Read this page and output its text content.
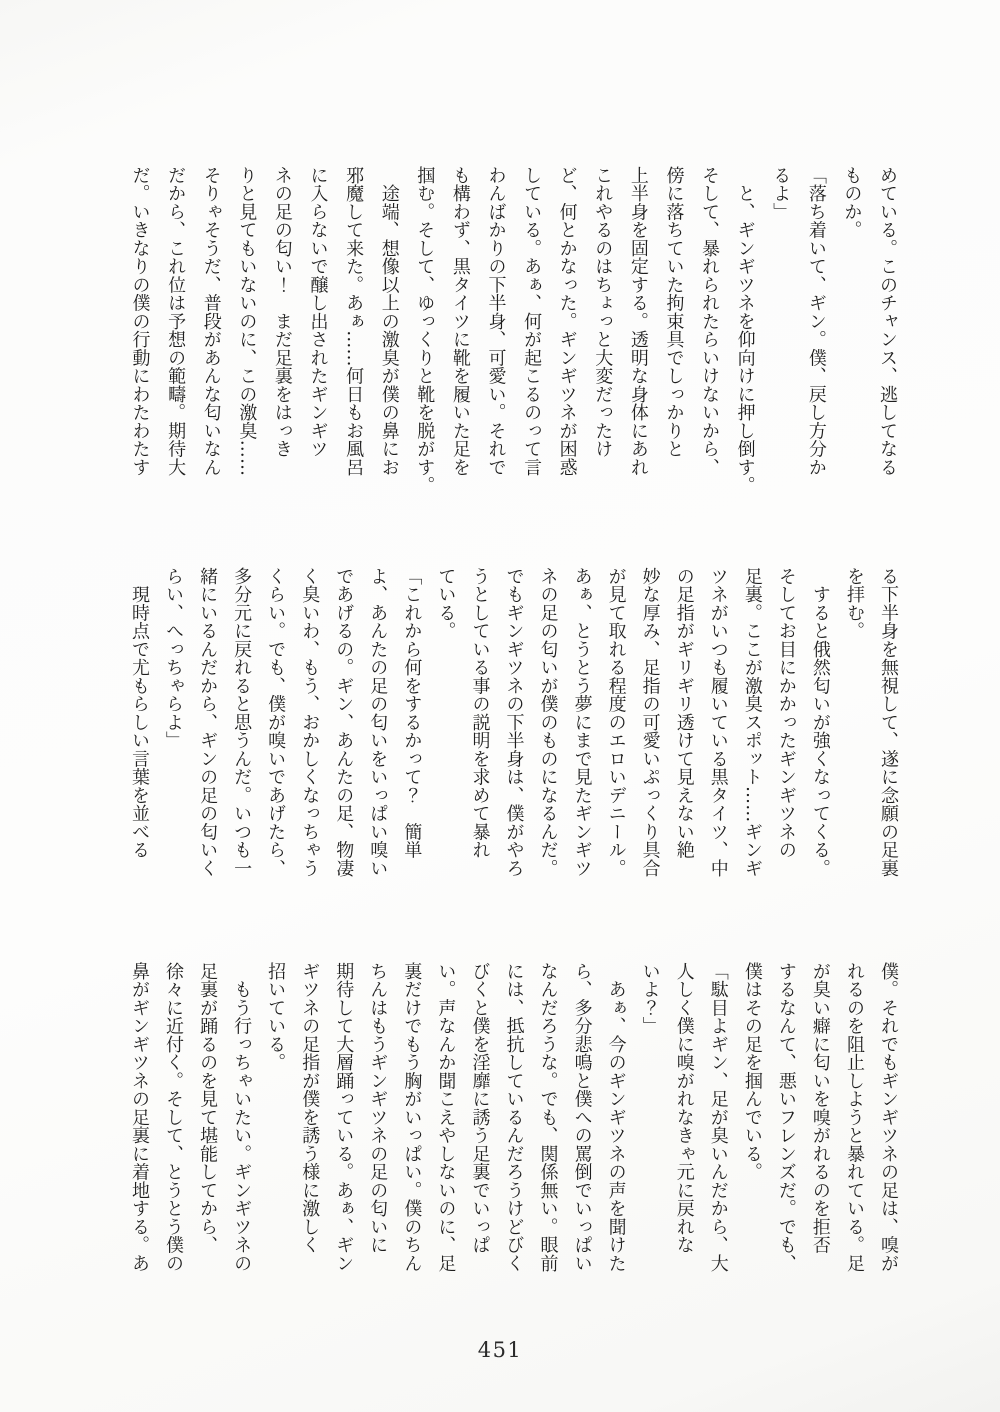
めている。このチャンス、逃してなる
ものか。
「落ち着いて、ギン。僕、戻し方分か
るよ」
　と、ギンギツネを仰向けに押し倒す。
そして、暴れられたらいけないから、
傍に落ちていた拘束具でしっかりと
上半身を固定する。透明な身体にあれ
これやるのはちょっと大変だったけ
ど、何とかなった。ギンギツネが困惑
している。あぁ、何が起こるのって言
わんばかりの下半身、可愛い。それで
も構わず、黒タイツに靴を履いた足を
掴む。そして、ゆっくりと靴を脱がす。
　途端、想像以上の激臭が僕の鼻にお
邪魔して来た。あぁ……何日もお風呂
に入らないで醸し出されたギンギツ
ネの足の匂い！　まだ足裏をはっき
りと見てもいないのに、この激臭……
そりゃそうだ、普段があんな匂いなん
だから、これ位は予想の範疇。期待大
だ。いきなりの僕の行動にわたわたす
る下半身を無視して、遂に念願の足裏
を拝む。
　すると俄然匂いが強くなってくる。
そしてお目にかかったギンギツネの
足裏。ここが激臭スポット……ギンギ
ツネがいつも履いている黒タイツ、中
の足指がギリギリ透けて見えない絶
妙な厚み、足指の可愛いぷっくり具合
が見て取れる程度のエロいデニール。
あぁ、とうとう夢にまで見たギンギツ
ネの足の匂いが僕のものになるんだ。
でもギンギツネの下半身は、僕がやろ
うとしている事の説明を求めて暴れ
ている。
「これから何をするかって？　簡単
よ、あんたの足の匂いをいっぱい嗅い
であげるの。ギン、あんたの足、物凄
く臭いわ、もう、おかしくなっちゃう
くらい。でも、僕が嗅いであげたら、
多分元に戻れると思うんだ。いつも一
緒にいるんだから、ギンの足の匂いく
らい、へっちゃらよ」
　現時点で尤もらしい言葉を並べる
僕。それでもギンギツネの足は、嗅が
れるのを阻止しようと暴れている。足
が臭い癖に匂いを嗅がれるのを拒否
するなんて、悪いフレンズだ。でも、
僕はその足を掴んでいる。
「駄目よギン、足が臭いんだから、大
人しく僕に嗅がれなきゃ元に戻れな
いよ？」
　あぁ、今のギンギツネの声を聞けた
ら、多分悲鳴と僕への罵倒でいっぱい
なんだろうな。でも、関係無い。眼前
には、抵抗しているんだろうけどびく
びくと僕を淫靡に誘う足裏でいっぱ
い。声なんか聞こえやしないのに、足
裏だけでもう胸がいっぱい。僕のちん
ちんはもうギンギツネの足の匂いに
期待して大層踊っている。あぁ、ギン
ギツネの足指が僕を誘う様に激しく
招いている。
　もう行っちゃいたい。ギンギツネの
足裏が踊るのを見て堪能してから、
徐々に近付く。そして、とうとう僕の
鼻がギンギツネの足裏に着地する。あ
451
